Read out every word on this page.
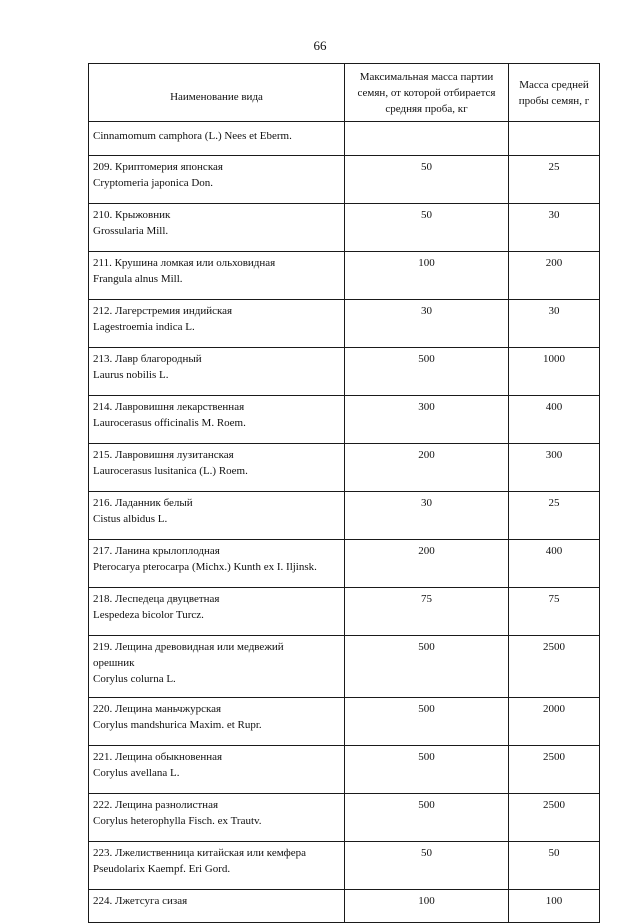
66
Наименование вида	Максимальная масса партии
семян, от которой отбирается
средняя проба, кг	Масса средней
пробы семян, г

Cinnamomum camphora (L.) Nees et Eberm.		

209. Криптомерия японская
Cryptomeria japonica Don.	50	25

210. Крыжовник
Grossularia Mill.	50	30

211. Крушина ломкая или ольховидная
Frangula alnus Mill.	100	200

212. Лагерстремия индийская
Lagestroemia indica L.	30	30

213. Лавр благородный
Laurus nobilis L.	500	1000

214. Лавровишня лекарственная
Laurocerasus officinalis M. Roem.	300	400

215. Лавровишня лузитанская
Laurocerasus lusitanica (L.) Roem.	200	300

216. Ладанник белый
Cistus albidus L.	30	25

217. Ланина крылоплодная
Pterocarya pterocarpa (Michx.) Kunth ex I. Iljinsk.	200	400

218. Леспедеца двуцветная
Lespedeza bicolor Turcz.	75	75

219. Лещина древовидная или медвежий
орешник
Corylus colurna L.	500	2500

220. Лещина маньчжурская
Corylus mandshurica Maxim. et Rupr.	500	2000

221. Лещина обыкновенная
Corylus avellana L.	500	2500

222. Лещина разнолистная
Corylus heterophylla Fisch. ex Trautv.	500	2500

223. Лжелиственница китайская или кемфера
Pseudolarix Kaempf. Eri Gord.	50	50

224. Лжетсуга сизая	100	100
